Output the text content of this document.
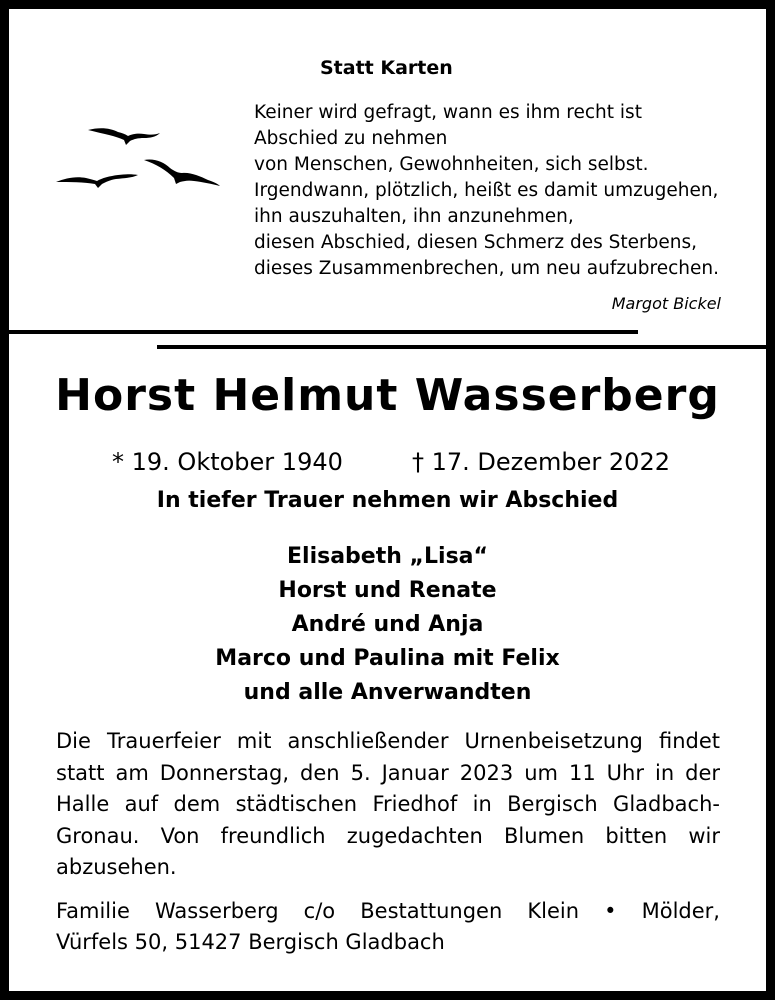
Statt Karten
Keiner wird gefragt, wann es ihm recht ist
Abschied zu nehmen
von Menschen, Gewohnheiten, sich selbst.
Irgendwann, plötzlich, heißt es damit umzugehen,
ihn auszuhalten, ihn anzunehmen,
diesen Abschied, diesen Schmerz des Sterbens,
dieses Zusammenbrechen, um neu aufzubrechen.
Margot Bickel
Horst Helmut Wasserberg
* 19. Oktober 1940	† 17. Dezember 2022
In tiefer Trauer nehmen wir Abschied
Elisabeth „Lisa“
Horst und Renate
André und Anja
Marco und Paulina mit Felix
und alle Anverwandten

Die Trauerfeier mit anschließender Urnenbeisetzung findet statt am Donnerstag, den 5. Januar 2023 um 11 Uhr in der Halle auf dem städtischen Friedhof in Bergisch Gladbach-Gronau. Von freundlich zugedachten Blumen bitten wir abzusehen.

Familie Wasserberg c/o Bestattungen Klein • Mölder,
Vürfels 50, 51427 Bergisch Gladbach
